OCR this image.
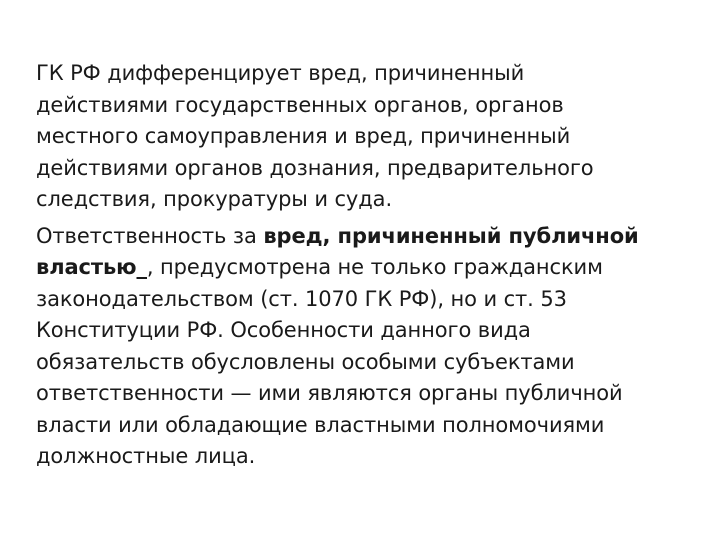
ГК РФ дифференцирует вред, причиненный
действиями государственных органов, органов
местного самоуправления и вред, причиненный
действиями органов дознания, предварительного
следствия, прокуратуры и суда.

Ответственность за вред, причиненный публичной
властью_, предусмотрена не только гражданским
законодательством (ст. 1070 ГК РФ), но и ст. 53
Конституции РФ. Особенности данного вида
обязательств обусловлены особыми субъектами
ответственности — ими являются органы публичной
власти или обладающие властными полномочиями
должностные лица.
